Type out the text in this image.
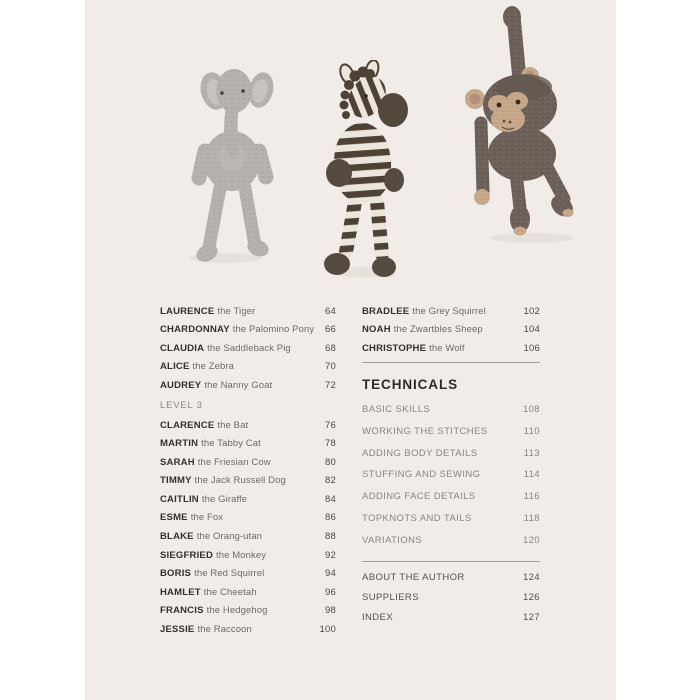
LAURENCE the Tiger	64
CHARDONNAY the Palomino Pony 66
CLAUDIA the Saddleback Pig	68
ALICE the Zebra	70
AUDREY the Nanny Goat	72
LEVEL 3
CLARENCE the Bat	76
MARTIN the Tabby Cat	78
SARAH the Friesian Cow	80
TIMMY the Jack Russell Dog	82
CAITLIN the Giraffe	84
ESME the Fox	86
BLAKE the Orang-utan	88
SIEGFRIED the Monkey	92
BORIS the Red Squirrel	94
HAMLET the Cheetah	96
FRANCIS the Hedgehog	98
JESSIE the Raccoon	100
BRADLEE the Grey Squirrel	102
NOAH the Zwartbles Sheep	104
CHRISTOPHE the Wolf	106
TECHNICALS
BASIC SKILLS	108
WORKING THE STITCHES	110
ADDING BODY DETAILS	113
STUFFING AND SEWING	114
ADDING FACE DETAILS	116
TOPKNOTS AND TAILS	118
VARIATIONS	120
ABOUT THE AUTHOR	124
SUPPLIERS	126
INDEX	127
